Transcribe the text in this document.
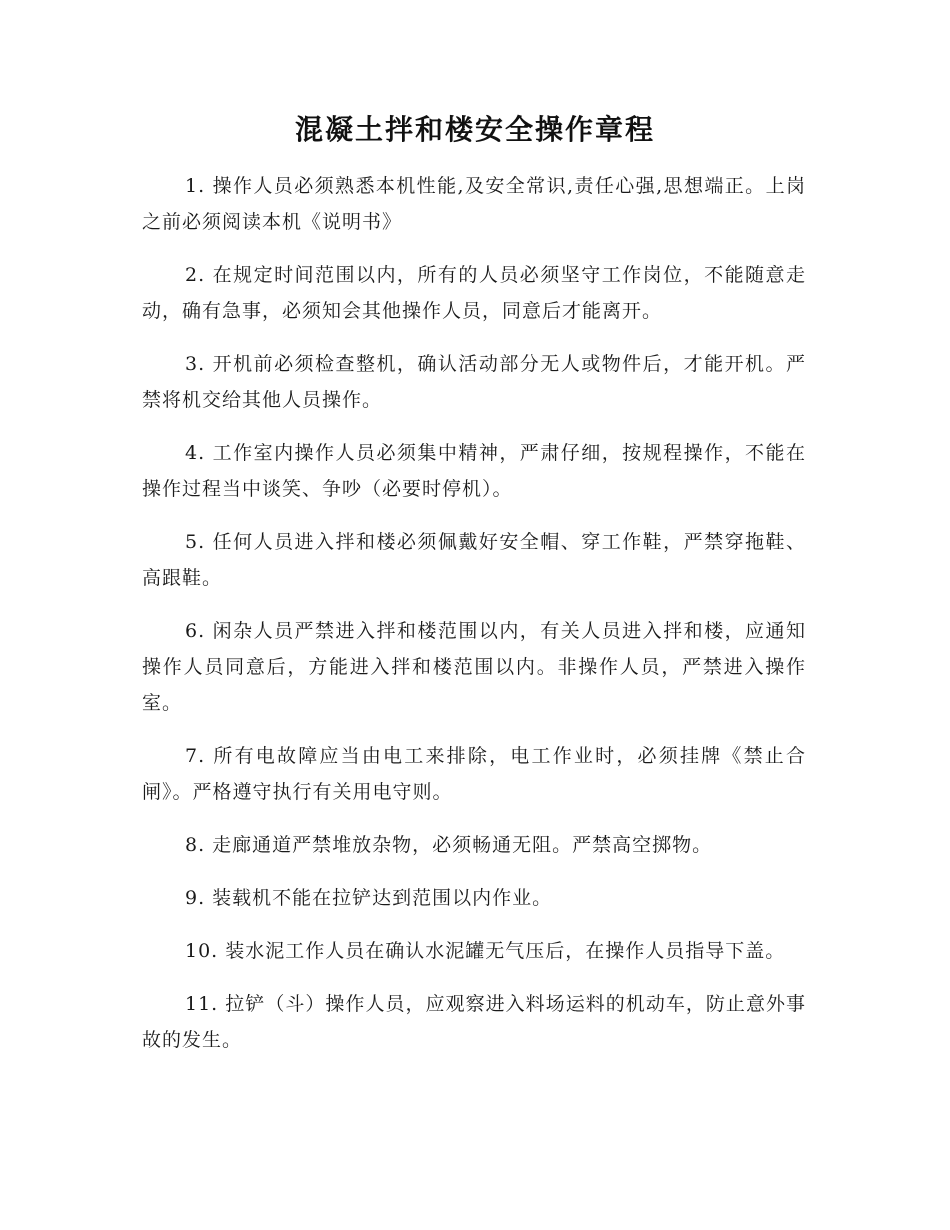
混凝土拌和楼安全操作章程

1. 操作人员必须熟悉本机性能,及安全常识,责任心强,思想端正。上岗之前必须阅读本机《说明书》

2. 在规定时间范围以内，所有的人员必须坚守工作岗位，不能随意走动，确有急事，必须知会其他操作人员，同意后才能离开。

3. 开机前必须检查整机，确认活动部分无人或物件后，才能开机。严禁将机交给其他人员操作。

4. 工作室内操作人员必须集中精神，严肃仔细，按规程操作，不能在操作过程当中谈笑、争吵（必要时停机）。

5. 任何人员进入拌和楼必须佩戴好安全帽、穿工作鞋，严禁穿拖鞋、高跟鞋。

6. 闲杂人员严禁进入拌和楼范围以内，有关人员进入拌和楼，应通知操作人员同意后，方能进入拌和楼范围以内。非操作人员，严禁进入操作室。

7. 所有电故障应当由电工来排除，电工作业时，必须挂牌《禁止合闸》。严格遵守执行有关用电守则。

8. 走廊通道严禁堆放杂物，必须畅通无阻。严禁高空掷物。

9. 装载机不能在拉铲达到范围以内作业。

10. 装水泥工作人员在确认水泥罐无气压后，在操作人员指导下盖。

11. 拉铲（斗）操作人员，应观察进入料场运料的机动车，防止意外事故的发生。
